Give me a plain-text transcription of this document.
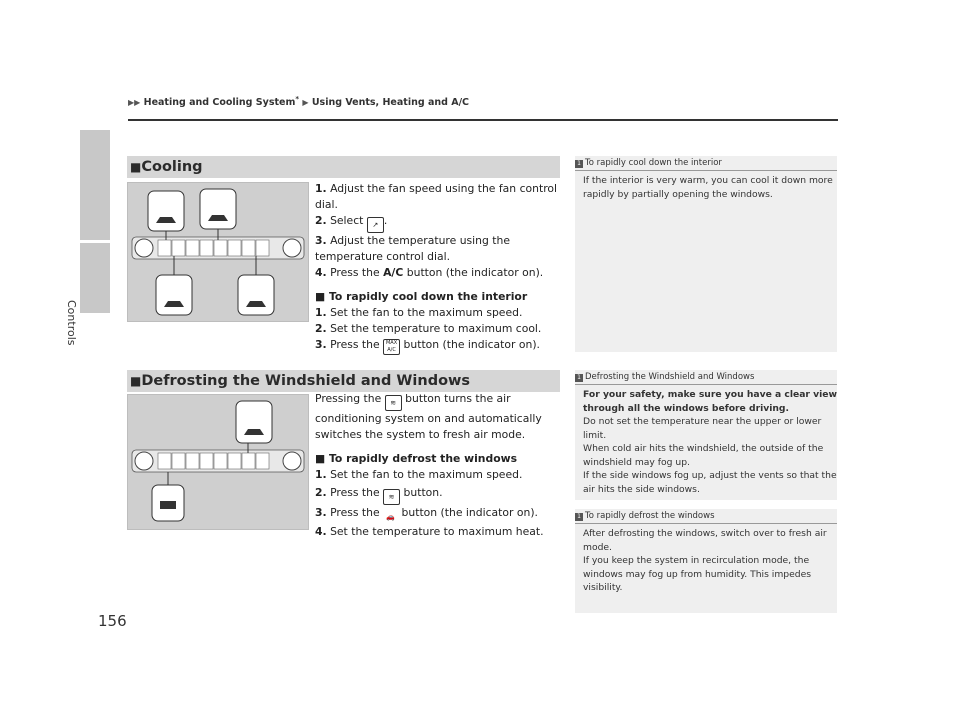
Controls
▶▶ Heating and Cooling System* ▶ Using Vents, Heating and A/C
■Cooling

1. Adjust the fan speed using the fan control dial.

2. Select ↗ .

3. Adjust the temperature using the temperature control dial.

4. Press the A/C button (the indicator on).

■ To rapidly cool down the interior

1. Set the fan to the maximum speed.

2. Set the temperature to maximum cool.

3. Press the MAX A/C button (the indicator on).

■Defrosting the Windshield and Windows

Pressing the ≋ button turns the air conditioning system on and automatically switches the system to fresh air mode.

■ To rapidly defrost the windows

1. Set the fan to the maximum speed.

2. Press the ≋ button.

3. Press the 🚗 button (the indicator on).

4. Set the temperature to maximum heat.

1 To rapidly cool down the interior
If the interior is very warm, you can cool it down more rapidly by partially opening the windows.
1 Defrosting the Windshield and Windows
For your safety, make sure you have a clear view through all the windows before driving.
Do not set the temperature near the upper or lower limit.
When cold air hits the windshield, the outside of the windshield may fog up.
If the side windows fog up, adjust the vents so that the air hits the side windows.
1 To rapidly defrost the windows
After defrosting the windows, switch over to fresh air mode.
If you keep the system in recirculation mode, the windows may fog up from humidity. This impedes visibility.
156
